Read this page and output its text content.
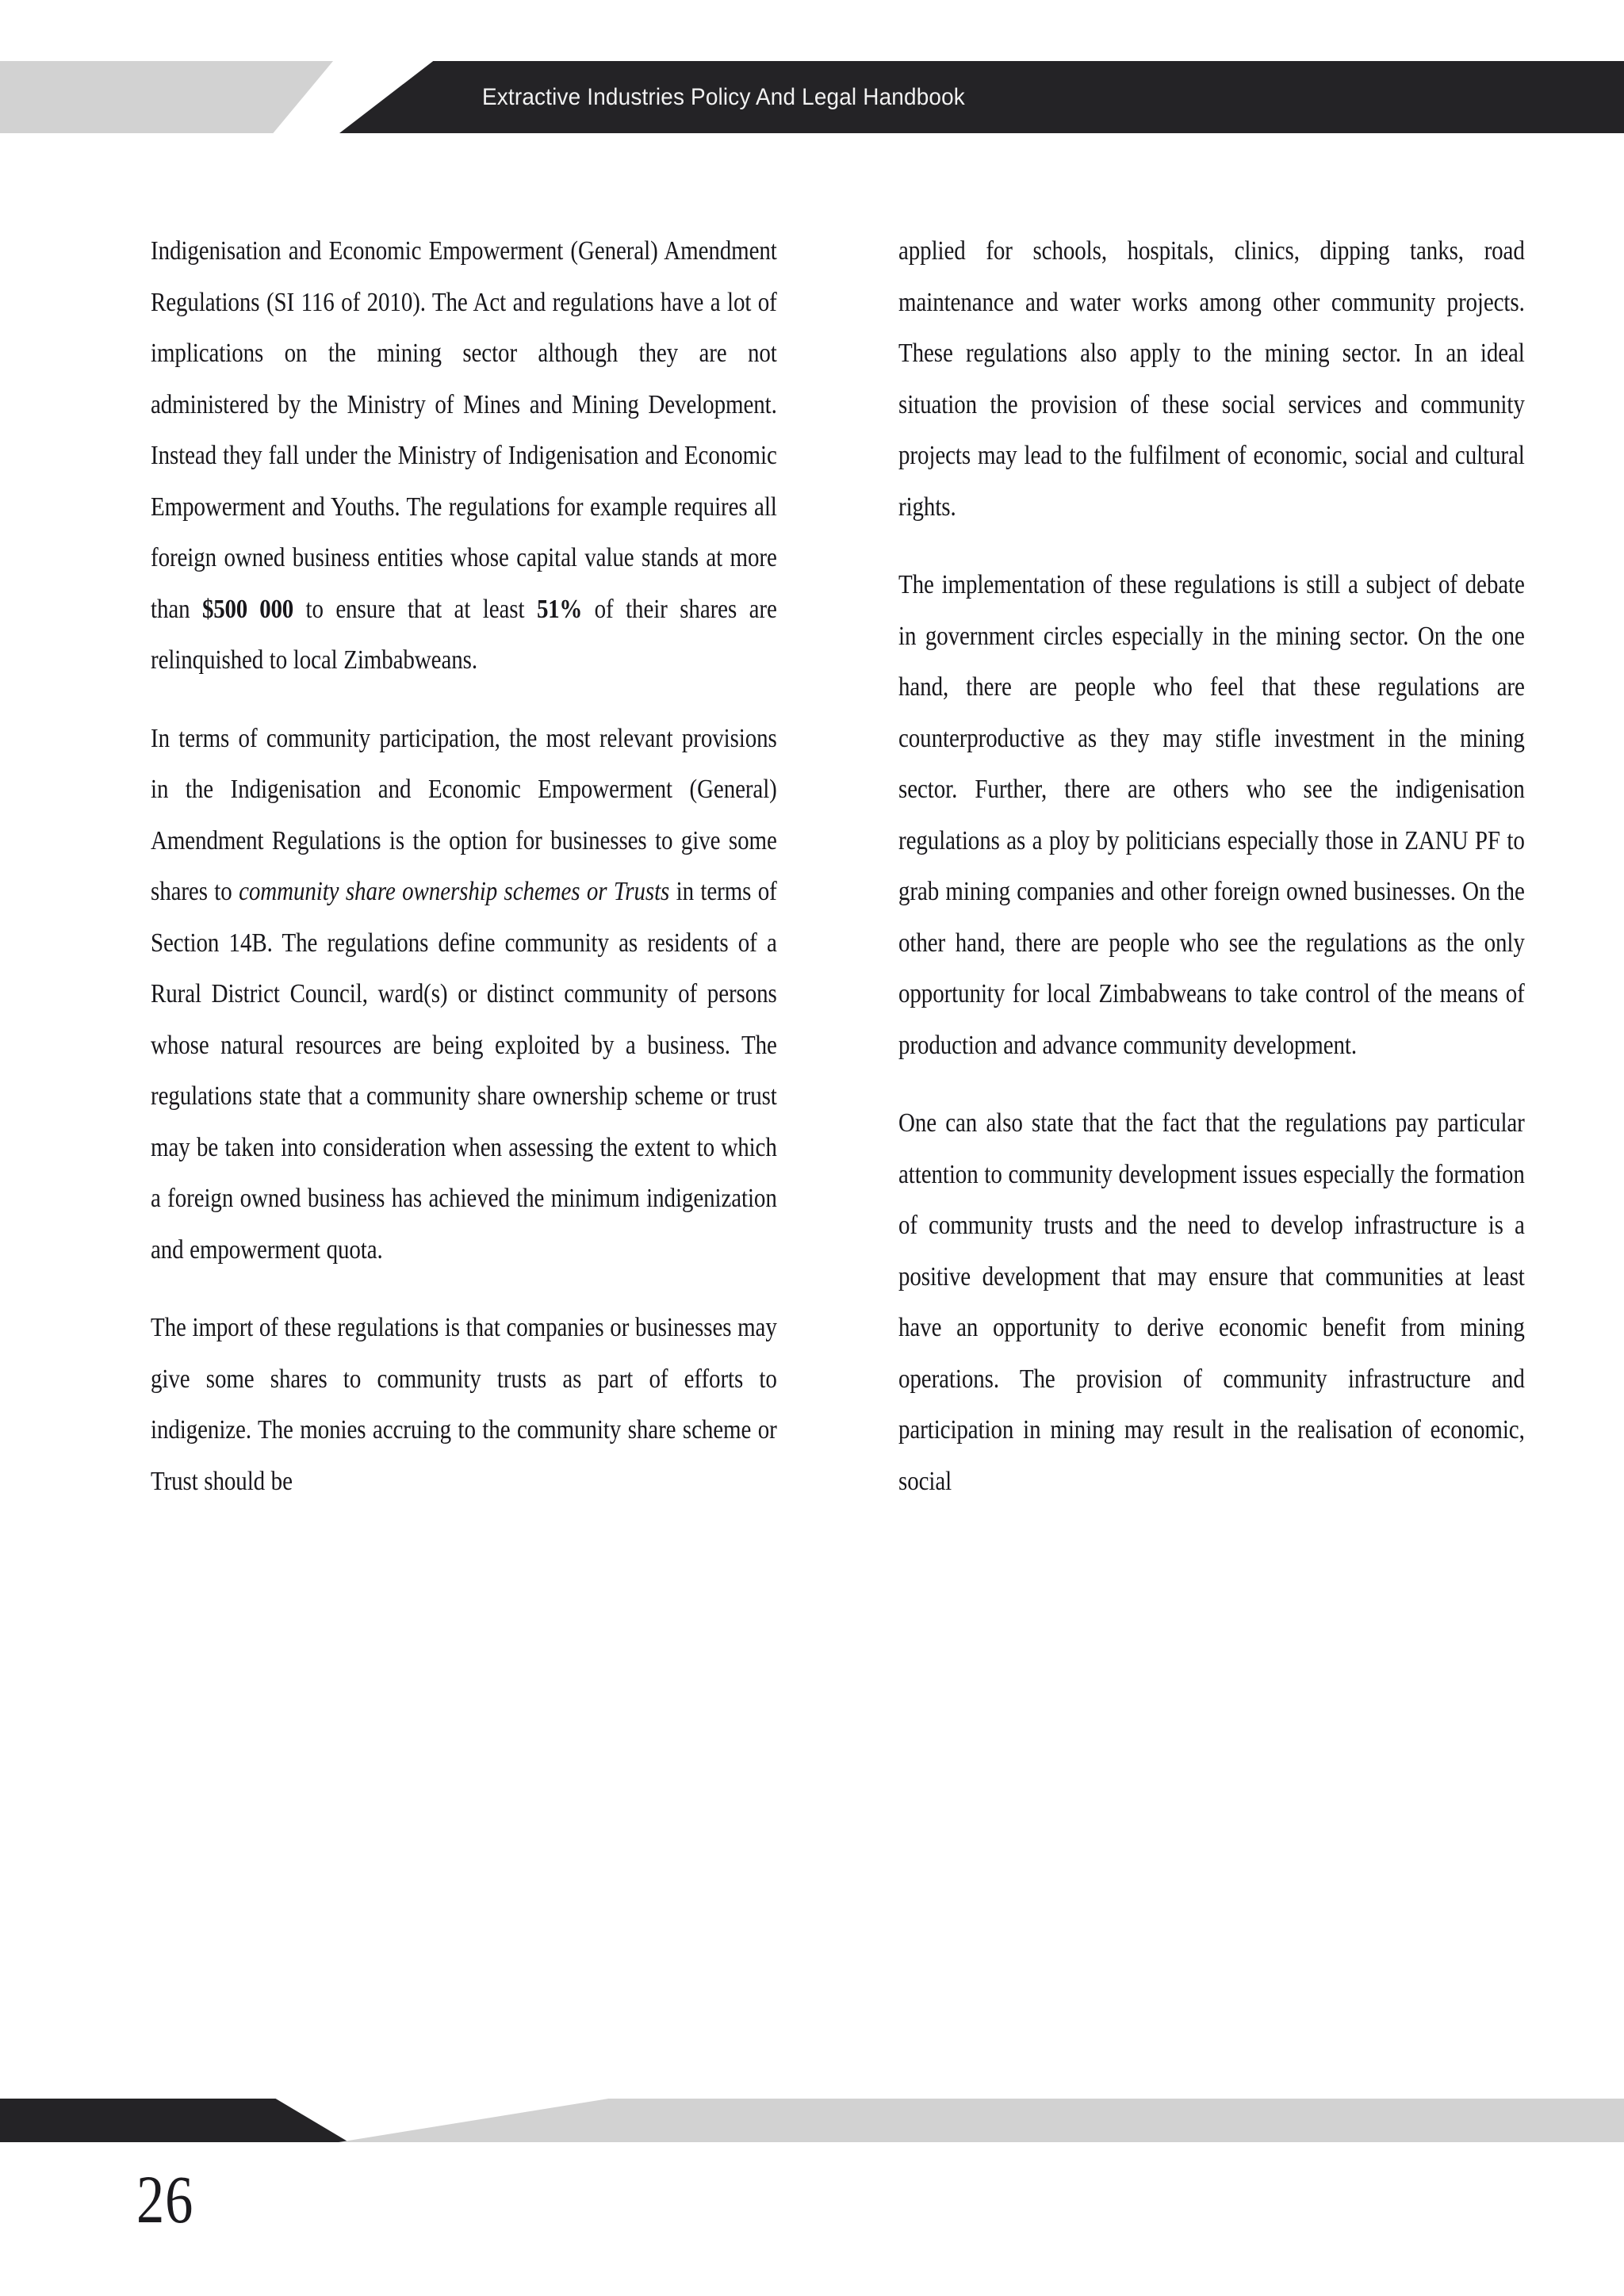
Extractive Industries Policy And Legal Handbook

Indigenisation and Economic Empowerment (General) Amendment Regulations (SI 116 of 2010). The Act and regulations have a lot of implications on the mining sector although they are not administered by the Ministry of Mines and Mining Development. Instead they fall under the Ministry of Indigenisation and Economic Empowerment and Youths. The regulations for example requires all foreign owned business entities whose capital value stands at more than $500 000 to ensure that at least 51% of their shares are relinquished to local Zimbabweans.

In terms of community participation, the most relevant provisions in the Indigenisation and Economic Empowerment (General) Amendment Regulations is the option for businesses to give some shares to community share ownership schemes or Trusts in terms of Section 14B. The regulations define community as residents of a Rural District Council, ward(s) or distinct community of persons whose natural resources are being exploited by a business. The regulations state that a community share ownership scheme or trust may be taken into consideration when assessing the extent to which a foreign owned business has achieved the minimum indigenization and empowerment quota.

The import of these regulations is that companies or businesses may give some shares to community trusts as part of efforts to indigenize. The monies accruing to the community share scheme or Trust should be

applied for schools, hospitals, clinics, dipping tanks, road maintenance and water works among other community projects. These regulations also apply to the mining sector. In an ideal situation the provision of these social services and community projects may lead to the fulfilment of economic, social and cultural rights.

The implementation of these regulations is still a subject of debate in government circles especially in the mining sector. On the one hand, there are people who feel that these regulations are counterproductive as they may stifle investment in the mining sector. Further, there are others who see the indigenisation regulations as a ploy by politicians especially those in ZANU PF to grab mining companies and other foreign owned businesses. On the other hand, there are people who see the regulations as the only opportunity for local Zimbabweans to take control of the means of production and advance community development.

One can also state that the fact that the regulations pay particular attention to community development issues especially the formation of community trusts and the need to develop infrastructure is a positive development that may ensure that communities at least have an opportunity to derive economic benefit from mining operations. The provision of community infrastructure and participation in mining may result in the realisation of economic, social

26
